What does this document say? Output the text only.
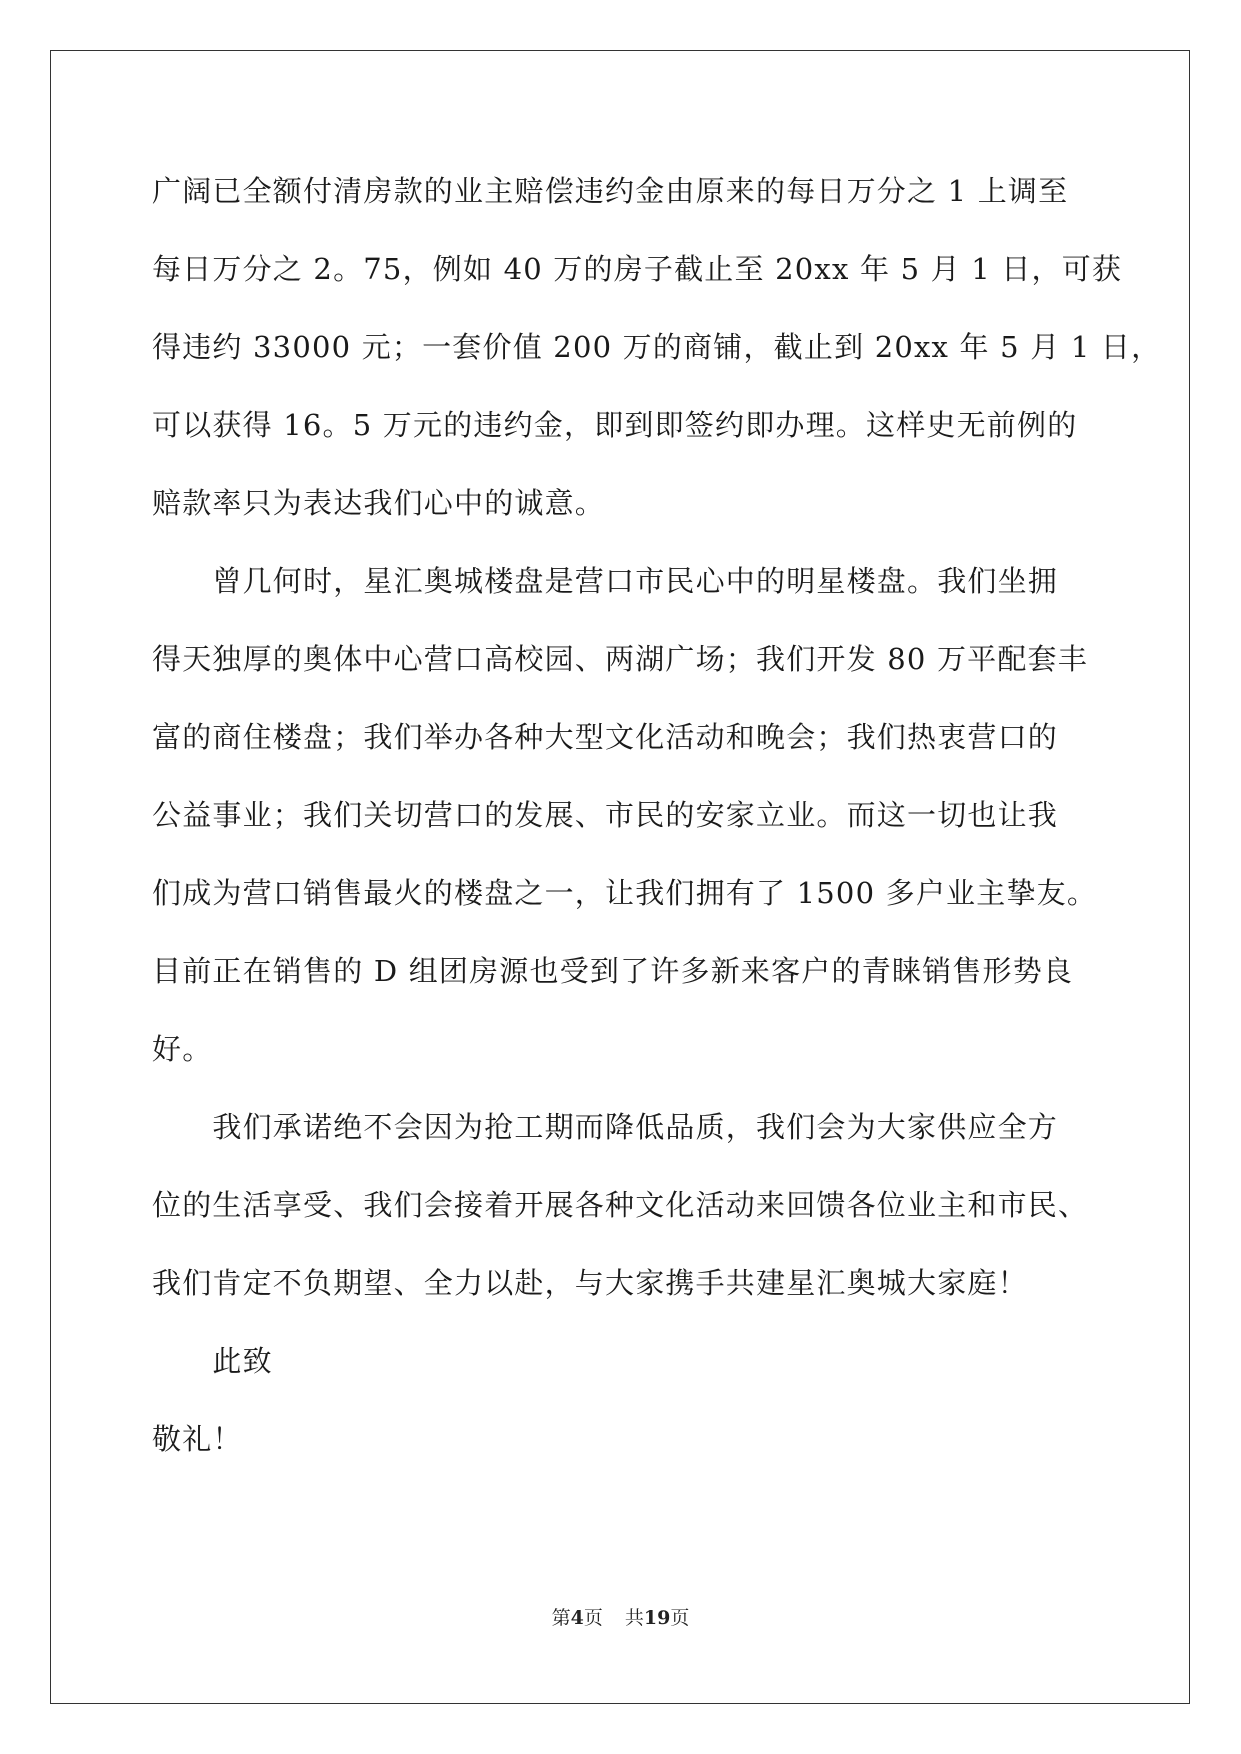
广阔已全额付清房款的业主赔偿违约金由原来的每日万分之 1 上调至
每日万分之 2。75，例如 40 万的房子截止至 20xx 年 5 月 1 日，可获
得违约 33000 元；一套价值 200 万的商铺，截止到 20xx 年 5 月 1 日，
可以获得 16。5 万元的违约金，即到即签约即办理。这样史无前例的
赔款率只为表达我们心中的诚意。
　　曾几何时，星汇奥城楼盘是营口市民心中的明星楼盘。我们坐拥
得天独厚的奥体中心营口高校园、两湖广场；我们开发 80 万平配套丰
富的商住楼盘；我们举办各种大型文化活动和晚会；我们热衷营口的
公益事业；我们关切营口的发展、市民的安家立业。而这一切也让我
们成为营口销售最火的楼盘之一，让我们拥有了 1500 多户业主挚友。
目前正在销售的 D 组团房源也受到了许多新来客户的青睐销售形势良
好。
　　我们承诺绝不会因为抢工期而降低品质，我们会为大家供应全方
位的生活享受、我们会接着开展各种文化活动来回馈各位业主和市民、
我们肯定不负期望、全力以赴，与大家携手共建星汇奥城大家庭！
　　此致
敬礼！
第4页 共19页
